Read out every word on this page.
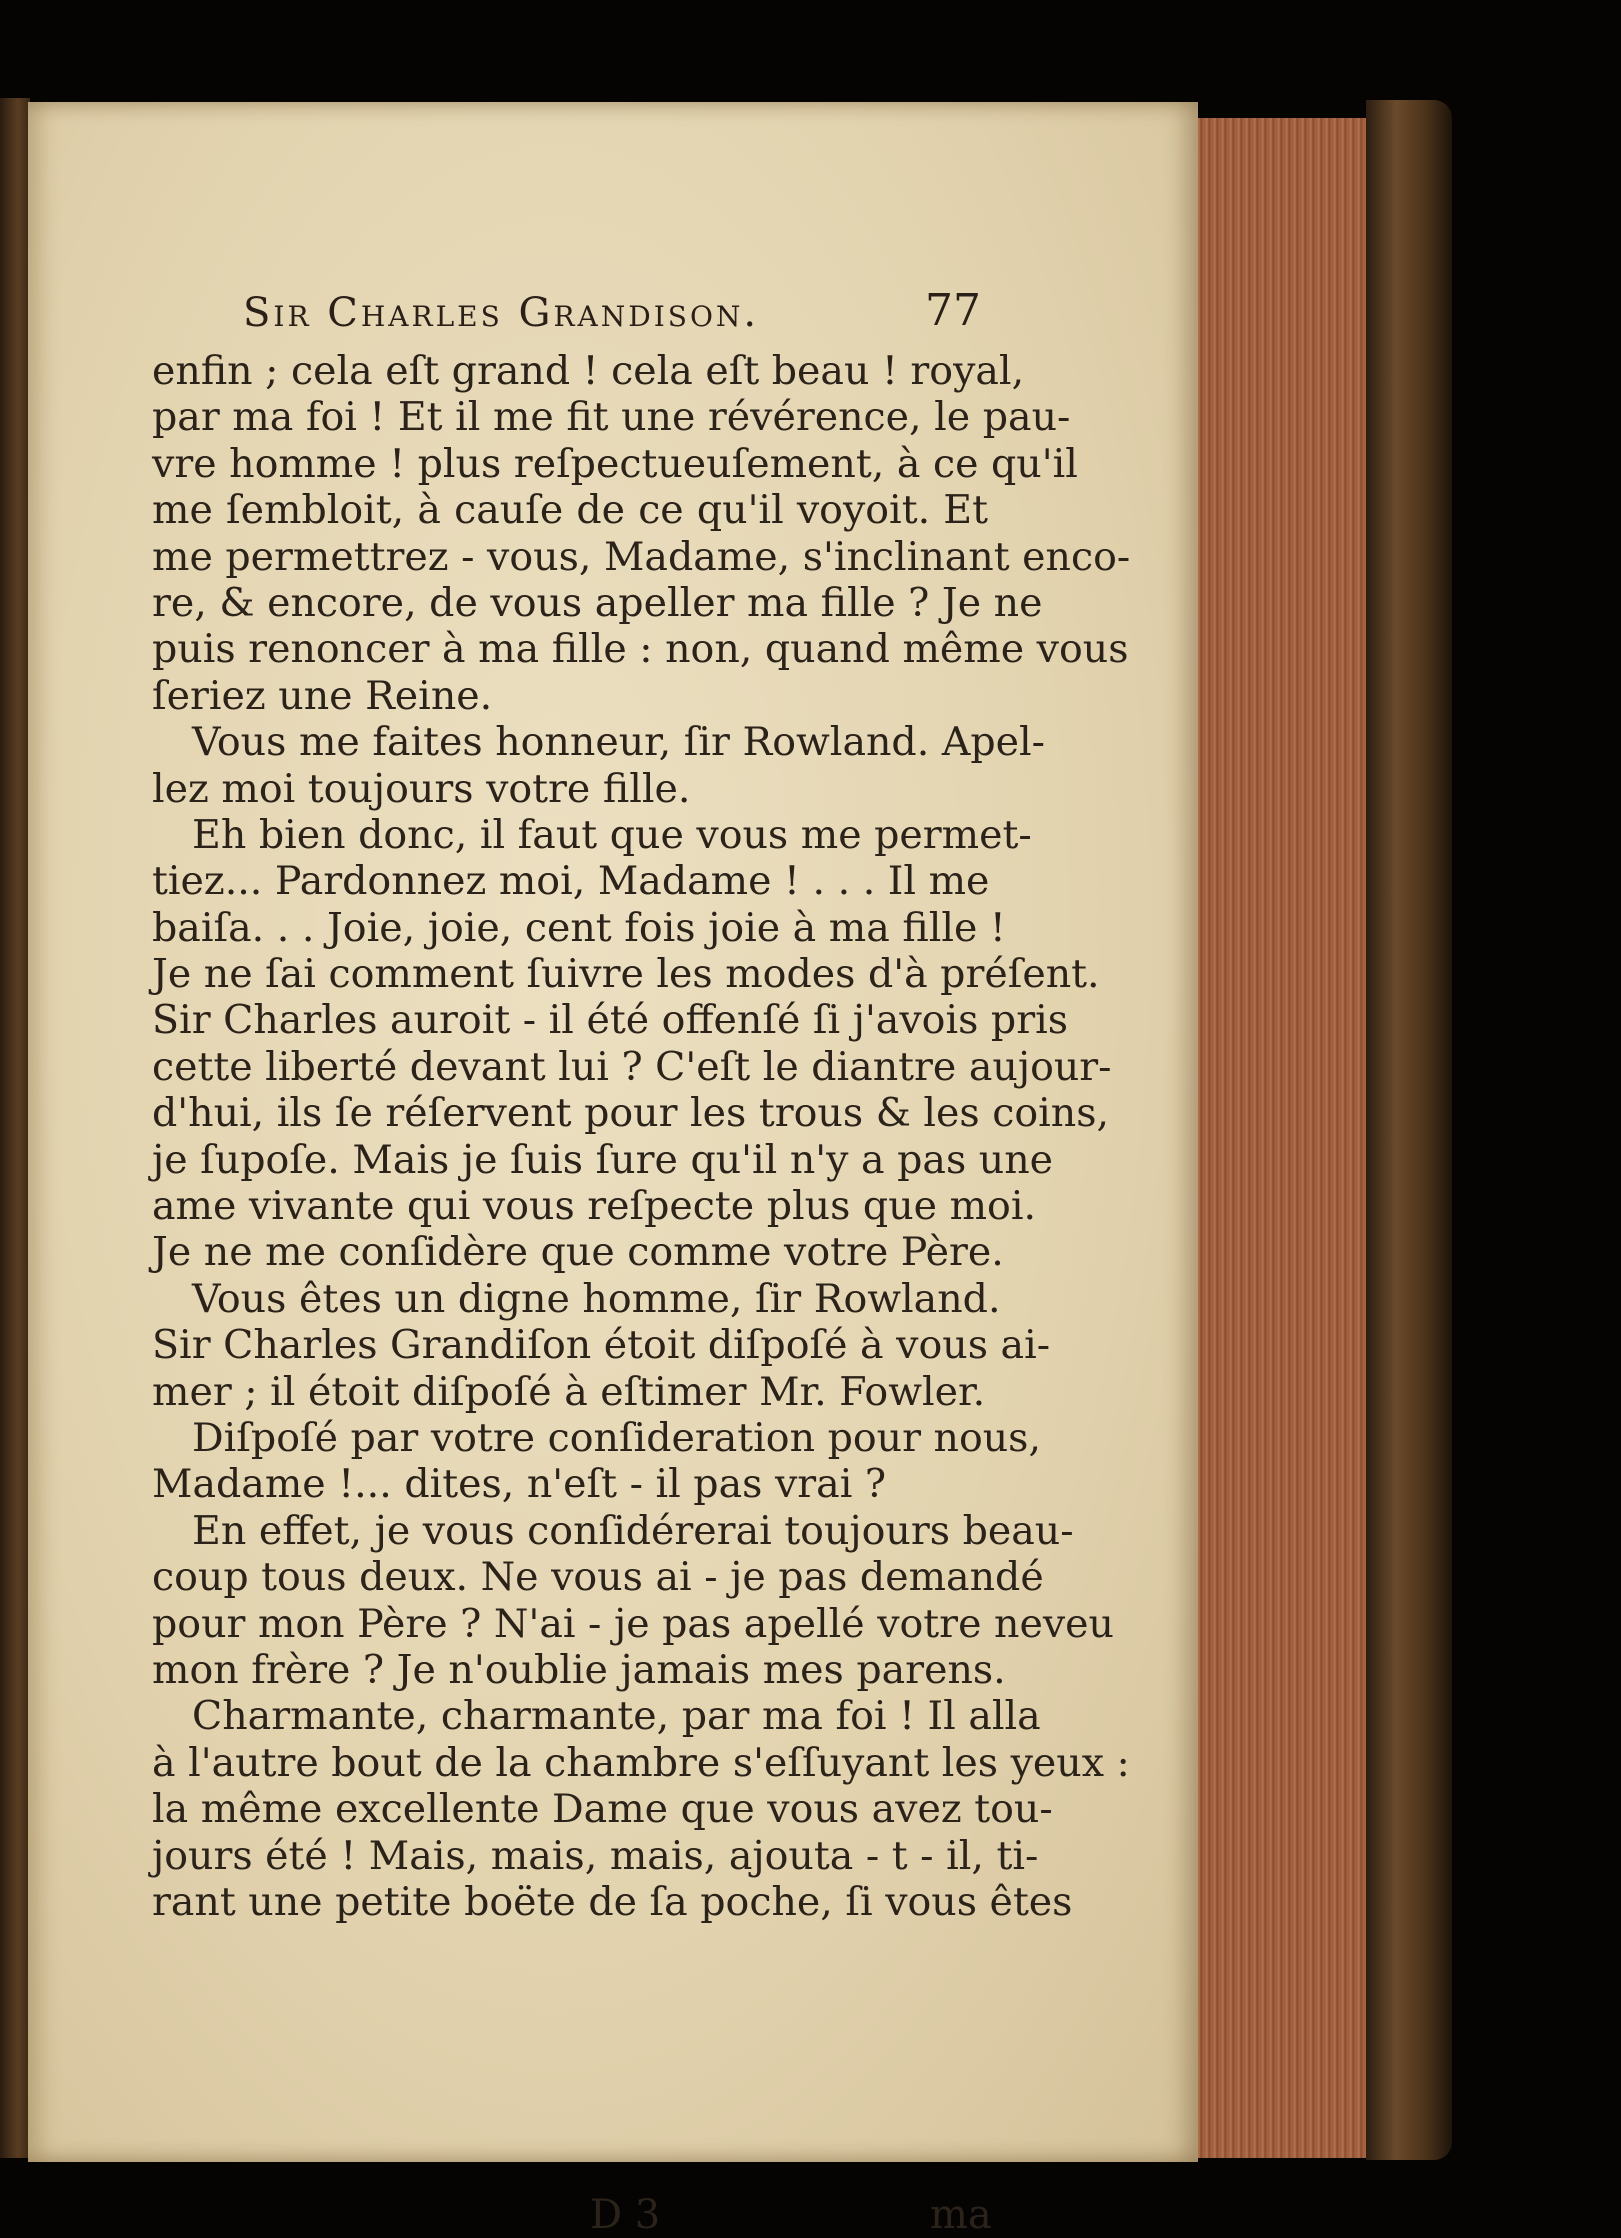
Sir Charles Grandison.	77
enfin ; cela eſt grand ! cela eſt beau ! royal,
par ma foi ! Et il me fit une révérence, le pau-
vre homme ! plus reſpectueuſement, à ce qu'il
me ſembloit, à cauſe de ce qu'il voyoit. Et
me permettrez - vous, Madame, s'inclinant enco-
re, & encore, de vous apeller ma fille ? Je ne
puis renoncer à ma fille : non, quand même vous
ſeriez une Reine.
Vous me faites honneur, ſir Rowland. Apel-
lez moi toujours votre fille.
Eh bien donc, il faut que vous me permet-
tiez... Pardonnez moi, Madame ! . . . Il me
baiſa. . . Joie, joie, cent fois joie à ma fille !
Je ne ſai comment ſuivre les modes d'à préſent.
Sir Charles auroit - il été offenſé ſi j'avois pris
cette liberté devant lui ? C'eſt le diantre aujour-
d'hui, ils ſe réſervent pour les trous & les coins,
je ſupoſe. Mais je ſuis ſure qu'il n'y a pas une
ame vivante qui vous reſpecte plus que moi.
Je ne me conſidère que comme votre Père.
Vous êtes un digne homme, ſir Rowland.
Sir Charles Grandiſon étoit diſpoſé à vous ai-
mer ; il étoit diſpoſé à eſtimer Mr. Fowler.
Diſpoſé par votre conſideration pour nous,
Madame !... dites, n'eſt - il pas vrai ?
En effet, je vous conſidérerai toujours beau-
coup tous deux. Ne vous ai - je pas demandé
pour mon Père ? N'ai - je pas apellé votre neveu
mon frère ? Je n'oublie jamais mes parens.
Charmante, charmante, par ma foi ! Il alla
à l'autre bout de la chambre s'eſſuyant les yeux :
la même excellente Dame que vous avez tou-
jours été ! Mais, mais, mais, ajouta - t - il, ti-
rant une petite boëte de ſa poche, ſi vous êtes
D 3	ma
